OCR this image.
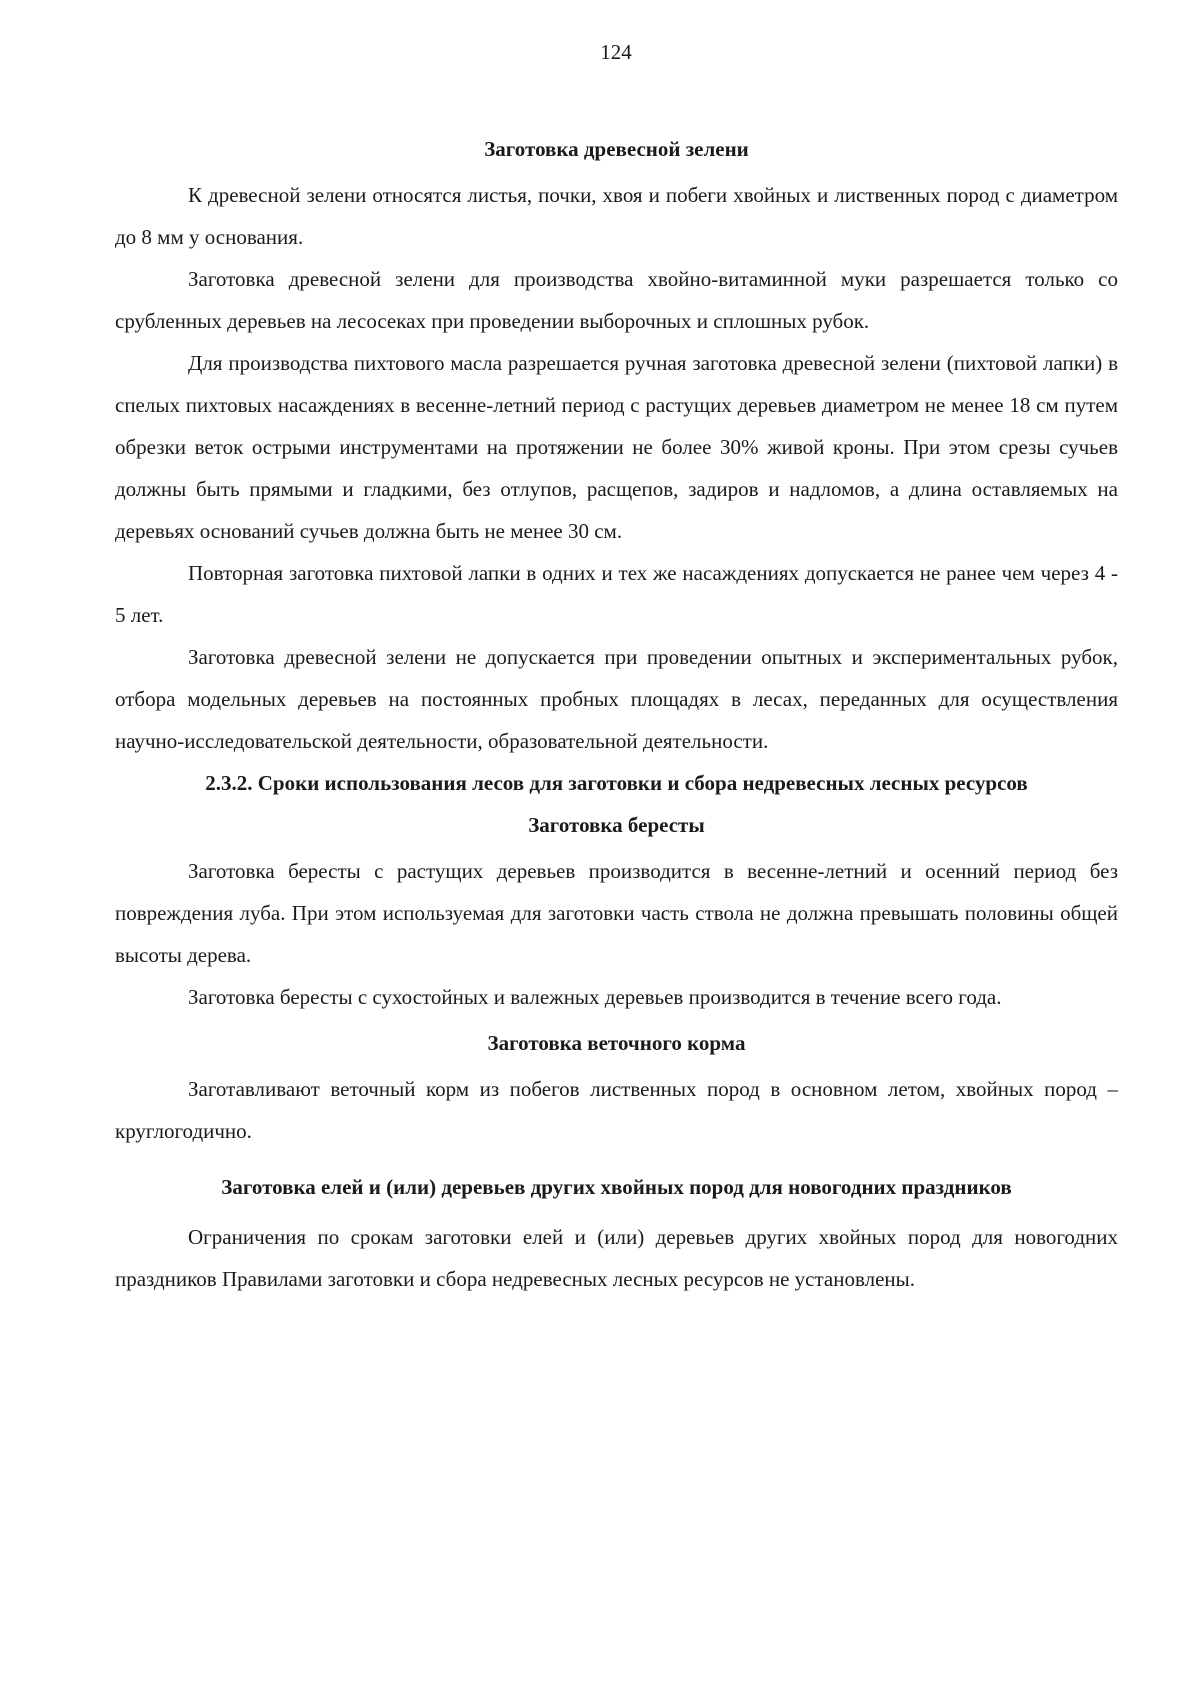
124
Заготовка древесной зелени

К древесной зелени относятся листья, почки, хвоя и побеги хвойных и лиственных пород с диаметром до 8 мм у основания.

Заготовка древесной зелени для производства хвойно-витаминной муки разрешается только со срубленных деревьев на лесосеках при проведении выборочных и сплошных рубок.

Для производства пихтового масла разрешается ручная заготовка древесной зелени (пихтовой лапки) в спелых пихтовых насаждениях в весенне-летний период с растущих деревьев диаметром не менее 18 см путем обрезки веток острыми инструментами на протяжении не более 30% живой кроны. При этом срезы сучьев должны быть прямыми и гладкими, без отлупов, расщепов, задиров и надломов, а длина оставляемых на деревьях оснований сучьев должна быть не менее 30 см.

Повторная заготовка пихтовой лапки в одних и тех же насаждениях допускается не ранее чем через 4 - 5 лет.

Заготовка древесной зелени не допускается при проведении опытных и экспериментальных рубок, отбора модельных деревьев на постоянных пробных площадях в лесах, переданных для осуществления научно-исследовательской деятельности, образовательной деятельности.

2.3.2. Сроки использования лесов для заготовки и сбора недревесных лесных ресурсов
Заготовка бересты

Заготовка бересты с растущих деревьев производится в весенне-летний и осенний период без повреждения луба. При этом используемая для заготовки часть ствола не должна превышать половины общей высоты дерева.

Заготовка бересты с сухостойных и валежных деревьев производится в течение всего года.

Заготовка веточного корма

Заготавливают веточный корм из побегов лиственных пород в основном летом, хвойных пород – круглогодично.

Заготовка елей и (или) деревьев других хвойных пород для новогодних праздников

Ограничения по срокам заготовки елей и (или) деревьев других хвойных пород для новогодних праздников Правилами заготовки и сбора недревесных лесных ресурсов не установлены.
